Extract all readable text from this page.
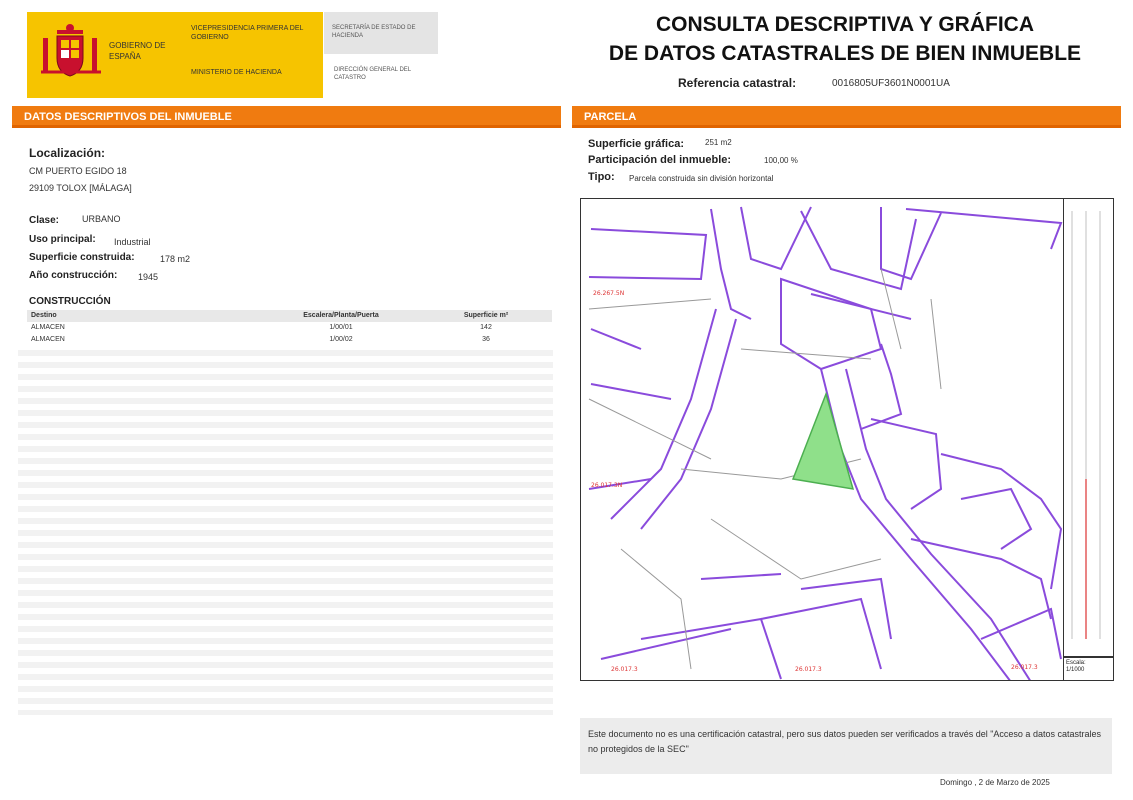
GOBIERNO DE ESPAÑA
VICEPRESIDENCIA PRIMERA DEL GOBIERNO
MINISTERIO DE HACIENDA
SECRETARÍA DE ESTADO DE HACIENDA
DIRECCIÓN GENERAL DEL CATASTRO
CONSULTA DESCRIPTIVA Y GRÁFICA
DE DATOS CATASTRALES DE BIEN INMUEBLE
Referencia catastral:	0016805UF3601N0001UA
DATOS DESCRIPTIVOS DEL INMUEBLE	PARCELA
Localización:
CM PUERTO EGIDO 18
29109 TOLOX [MÁLAGA]
Clase:	URBANO
Uso principal: Industrial
Superficie construida:	178 m2
Año construcción: 1945
CONSTRUCCIÓN
Destino	Escalera/Planta/Puerta	Superficie m²
ALMACEN	1/00/01	142
ALMACEN	1/00/02	36
Superficie gráfica:	251 m2
Participación del inmueble:	100,00 %
Tipo: Parcela construida sin división horizontal
26.267.5N
26.017.3N
26.017.3	26.017.3	26.017.3
Escala:
1/1000
Este documento no es una certificación catastral, pero sus datos pueden ser verificados a través del "Acceso a datos catastrales no protegidos de la SEC"
Domingo , 2 de Marzo de 2025
